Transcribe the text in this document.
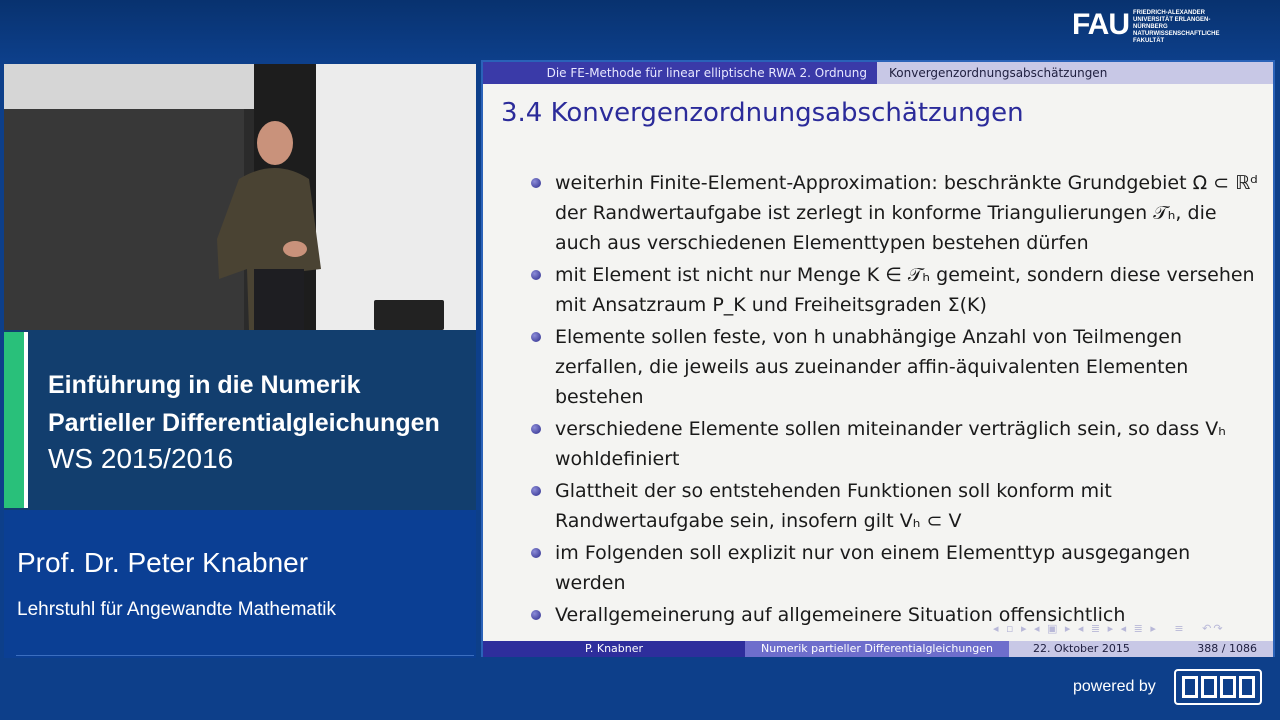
FAU FRIEDRICH-ALEXANDER UNIVERSITÄT ERLANGEN-NÜRNBERG NATURWISSENSCHAFTLICHE FAKULTÄT
Einführung in die Numerik
Partieller Differentialgleichungen
WS 2015/2016
Prof. Dr. Peter Knabner
Lehrstuhl für Angewandte Mathematik
Die FE-Methode für linear elliptische RWA 2. Ordnung	Konvergenzordnungsabschätzungen
3.4 Konvergenzordnungsabschätzungen
weiterhin Finite-Element-Approximation: beschränkte Grundgebiet Ω ⊂ ℝᵈ der Randwertaufgabe ist zerlegt in konforme Triangulierungen 𝒯ₕ, die auch aus verschiedenen Elementtypen bestehen dürfen
mit Element ist nicht nur Menge K ∈ 𝒯ₕ gemeint, sondern diese versehen mit Ansatzraum P_K und Freiheitsgraden Σ(K)
Elemente sollen feste, von h unabhängige Anzahl von Teilmengen zerfallen, die jeweils aus zueinander affin-äquivalenten Elementen bestehen
verschiedene Elemente sollen miteinander verträglich sein, so dass Vₕ wohldefiniert
Glattheit der so entstehenden Funktionen soll konform mit Randwertaufgabe sein, insofern gilt Vₕ ⊂ V
im Folgenden soll explizit nur von einem Elementtyp ausgegangen werden
Verallgemeinerung auf allgemeinere Situation offensichtlich
◂ ▫ ▸ ◂ ▣ ▸ ◂ ≣ ▸ ◂ ≣ ▸   ≡   ↶↷
P. Knabner	Numerik partieller Differentialgleichungen	22. Oktober 2015	388 / 1086
powered by
